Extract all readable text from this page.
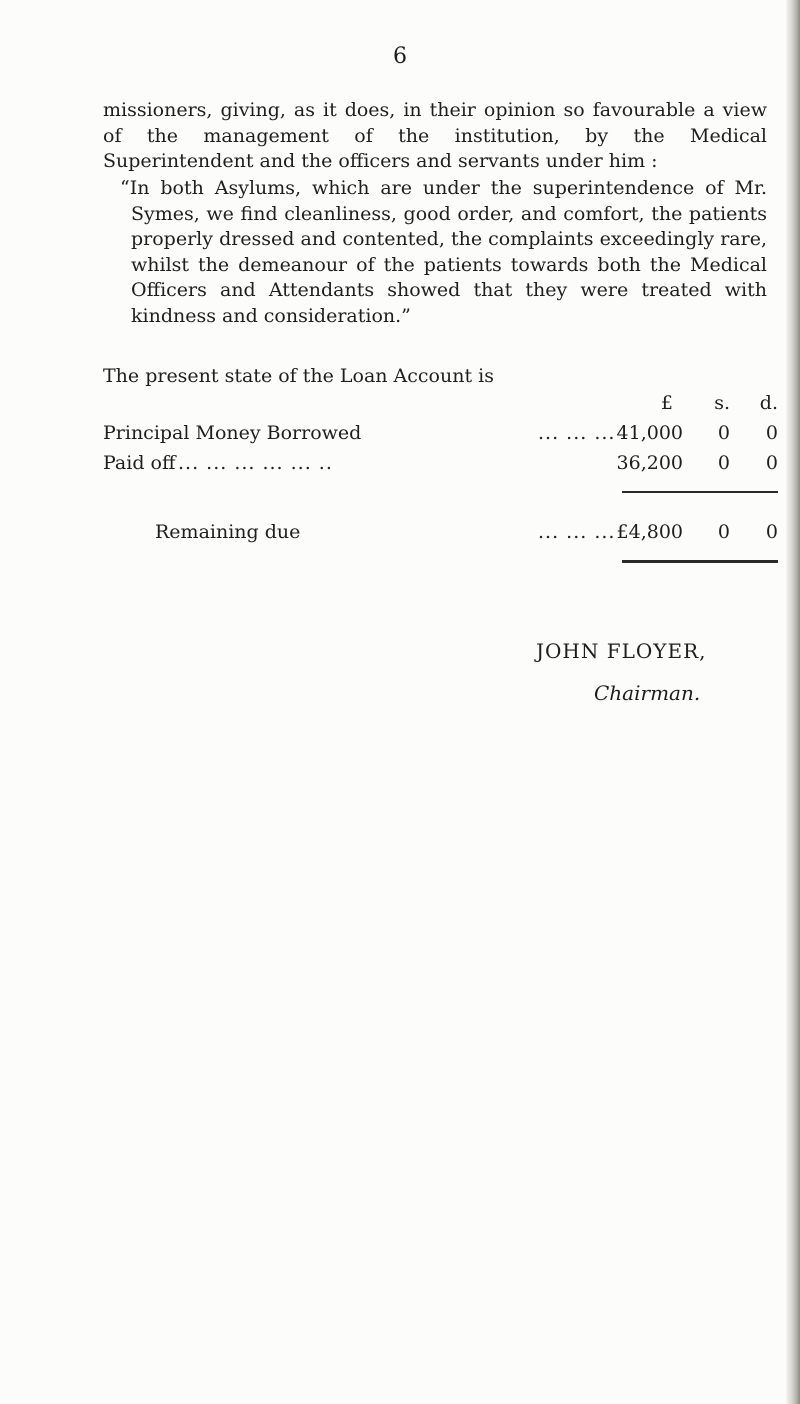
6
missioners, giving, as it does, in their opinion so favourable a view of the management of the institution, by the Medical Superintendent and the officers and servants under him :
“In both Asylums, which are under the superintendence of Mr. Symes, we find cleanliness, good order, and comfort, the patients properly dressed and contented, the complaints exceedingly rare, whilst the demeanour of the patients towards both the Medical Officers and Attendants showed that they were treated with kindness and consideration.”
The present state of the Loan Account is
£ s. d.
Principal Money Borrowed	... ... ... 41,000	0	0
Paid off ... ... ... ... ... ..	36,200	0	0
Remaining due	... ... ... £4,800	0	0
JOHN FLOYER,
Chairman.
